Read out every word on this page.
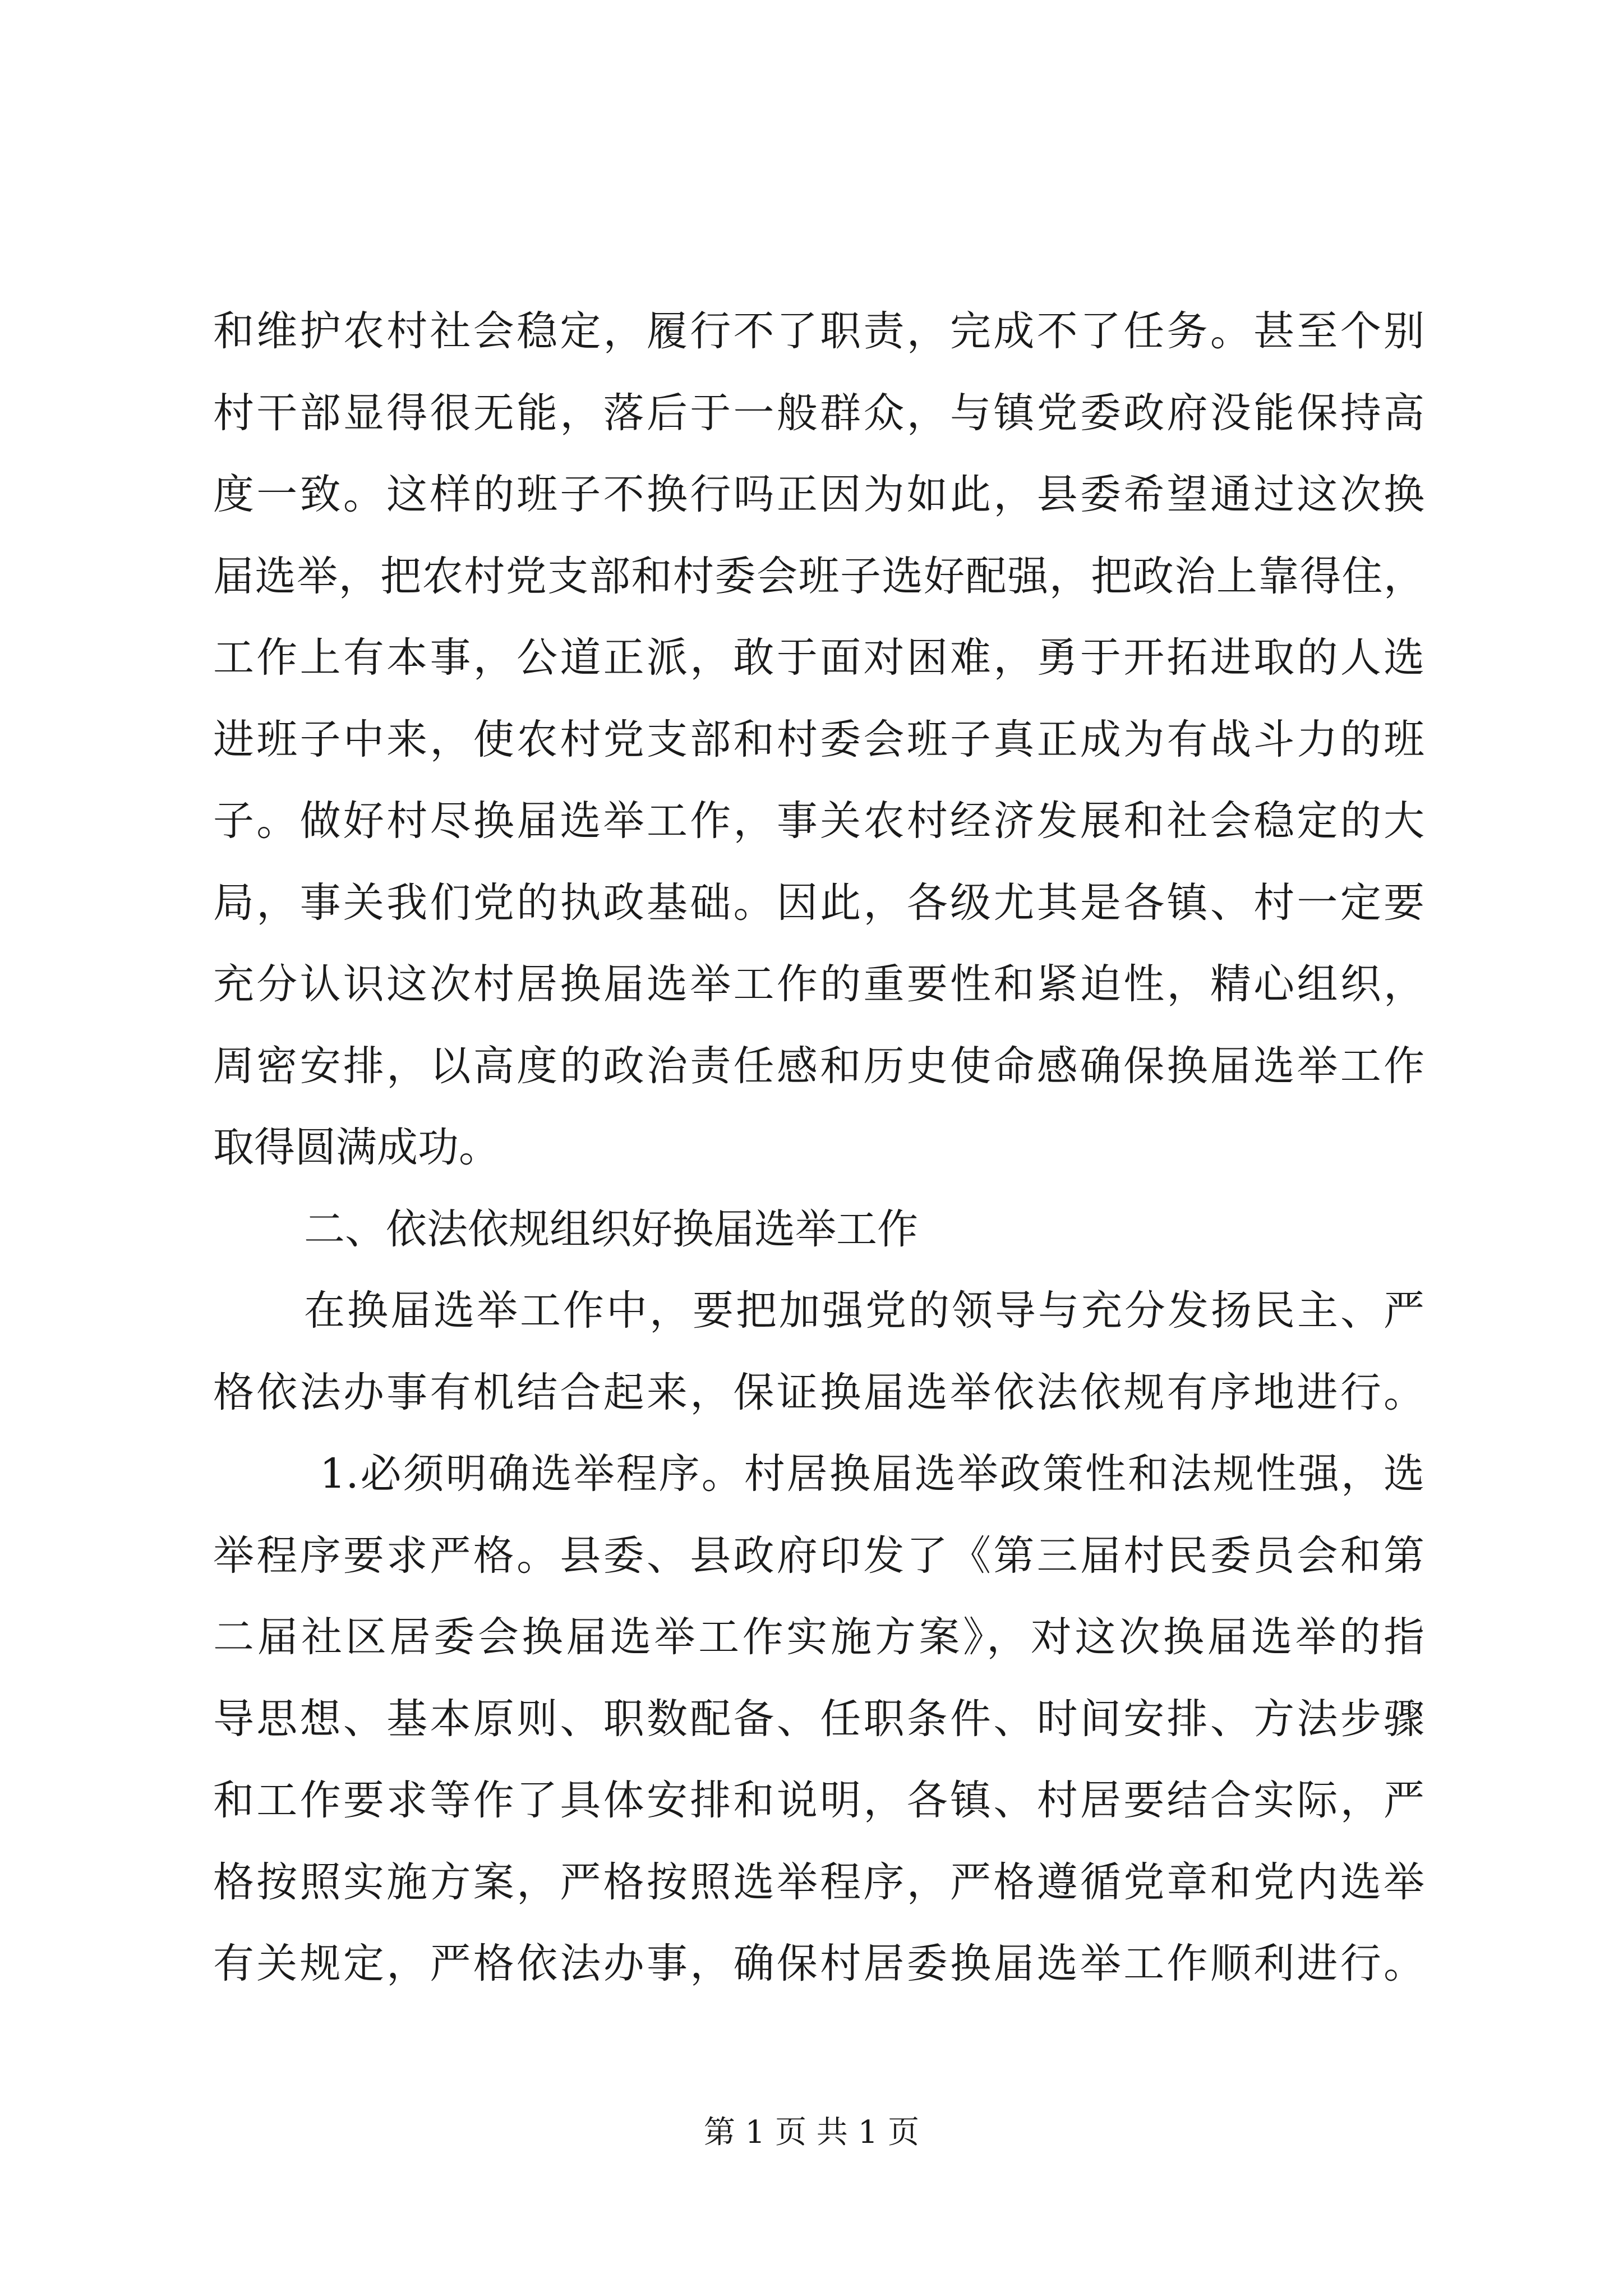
和维护农村社会稳定，履行不了职责，完成不了任务。甚至个别
村干部显得很无能，落后于一般群众，与镇党委政府没能保持高
度一致。这样的班子不换行吗正因为如此，县委希望通过这次换
届选举，把农村党支部和村委会班子选好配强，把政治上靠得住，
工作上有本事，公道正派，敢于面对困难，勇于开拓进取的人选
进班子中来，使农村党支部和村委会班子真正成为有战斗力的班
子。做好村尽换届选举工作，事关农村经济发展和社会稳定的大
局，事关我们党的执政基础。因此，各级尤其是各镇、村一定要
充分认识这次村居换届选举工作的重要性和紧迫性，精心组织，
周密安排，以高度的政治责任感和历史使命感确保换届选举工作
取得圆满成功。
二、依法依规组织好换届选举工作
在换届选举工作中，要把加强党的领导与充分发扬民主、严
格依法办事有机结合起来，保证换届选举依法依规有序地进行。
1.必须明确选举程序。村居换届选举政策性和法规性强，选
举程序要求严格。县委、县政府印发了《第三届村民委员会和第
二届社区居委会换届选举工作实施方案》，对这次换届选举的指
导思想、基本原则、职数配备、任职条件、时间安排、方法步骤
和工作要求等作了具体安排和说明，各镇、村居要结合实际，严
格按照实施方案，严格按照选举程序，严格遵循党章和党内选举
有关规定，严格依法办事，确保村居委换届选举工作顺利进行。
第 1 页 共 1 页
